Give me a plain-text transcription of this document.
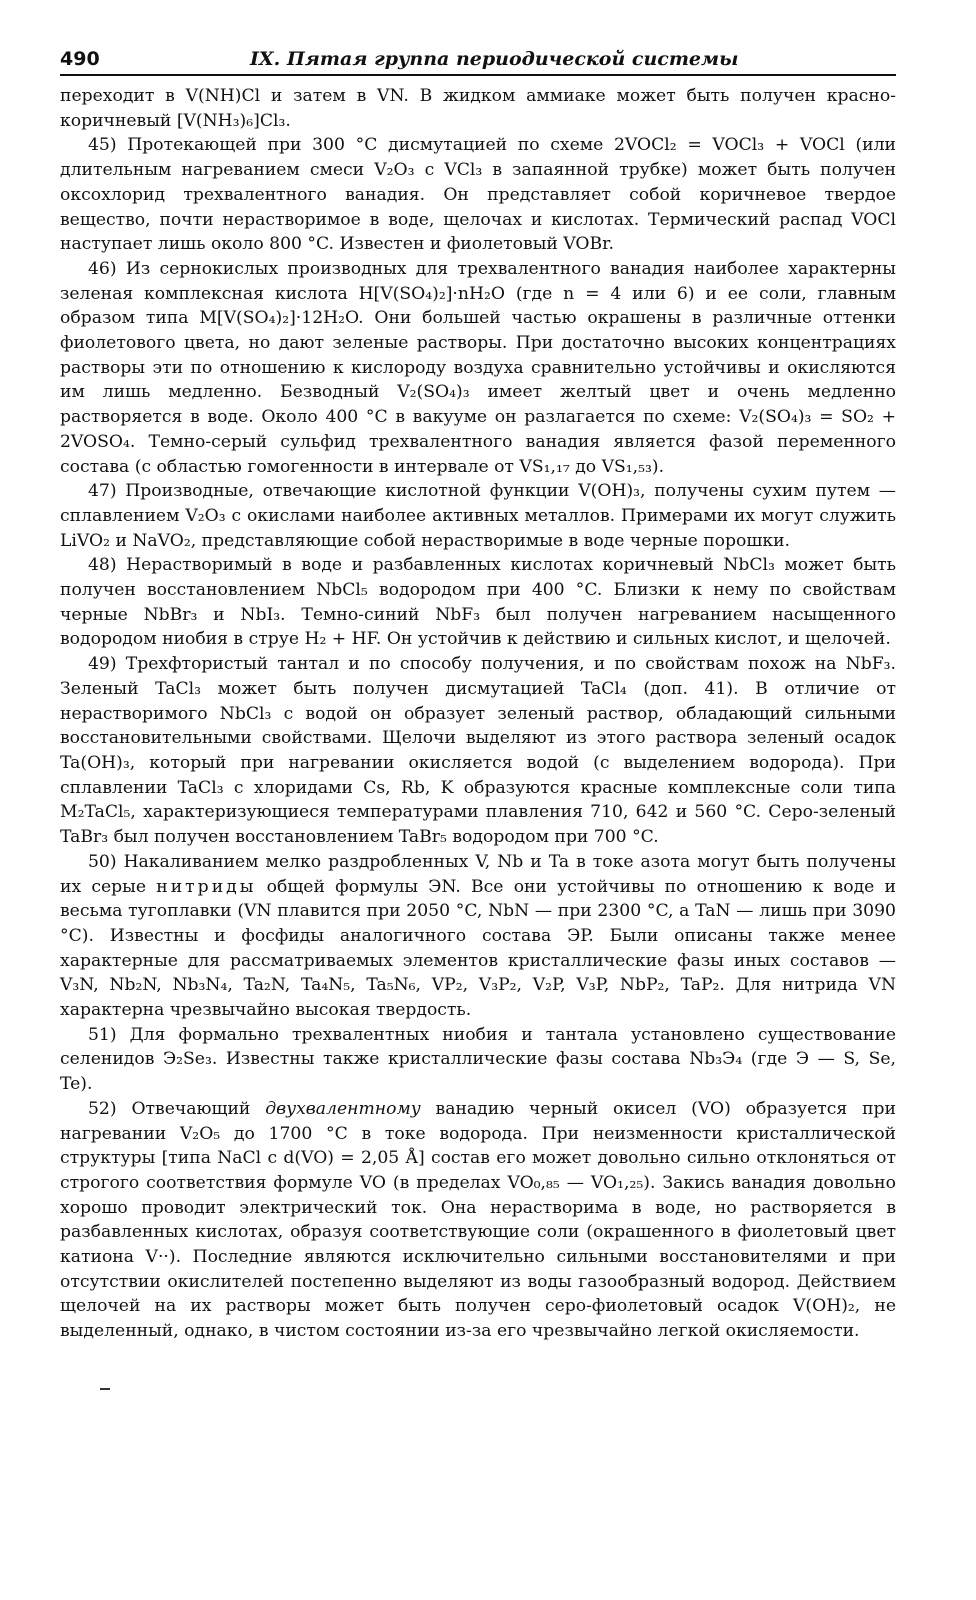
490	IX. Пятая группа периодической системы

переходит в V(NH)Cl и затем в VN. В жидком аммиаке может быть получен красно-коричневый [V(NH₃)₆]Cl₃.

45) Протекающей при 300 °C дисмутацией по схеме 2VOCl₂ = VOCl₃ + VOCl (или длительным нагреванием смеси V₂O₃ с VCl₃ в запаянной трубке) может быть получен оксохлорид трехвалентного ванадия. Он представляет собой коричневое твердое вещество, почти нерастворимое в воде, щелочах и кислотах. Термический распад VOCl наступает лишь около 800 °C. Известен и фиолетовый VOBr.

46) Из сернокислых производных для трехвалентного ванадия наиболее характерны зеленая комплексная кислота H[V(SO₄)₂]·nH₂O (где n = 4 или 6) и ее соли, главным образом типа M[V(SO₄)₂]·12H₂O. Они большей частью окрашены в различные оттенки фиолетового цвета, но дают зеленые растворы. При достаточно высоких концентрациях растворы эти по отношению к кислороду воздуха сравнительно устойчивы и окисляются им лишь медленно. Безводный V₂(SO₄)₃ имеет желтый цвет и очень медленно растворяется в воде. Около 400 °C в вакууме он разлагается по схеме: V₂(SO₄)₃ = SO₂ + 2VOSO₄. Темно-серый сульфид трехвалентного ванадия является фазой переменного состава (с областью гомогенности в интервале от VS₁,₁₇ до VS₁,₅₃).

47) Производные, отвечающие кислотной функции V(OH)₃, получены сухим путем — сплавлением V₂O₃ с окислами наиболее активных металлов. Примерами их могут служить LiVO₂ и NaVO₂, представляющие собой нерастворимые в воде черные порошки.

48) Нерастворимый в воде и разбавленных кислотах коричневый NbCl₃ может быть получен восстановлением NbCl₅ водородом при 400 °C. Близки к нему по свойствам черные NbBr₃ и NbI₃. Темно-синий NbF₃ был получен нагреванием насыщенного водородом ниобия в струе H₂ + HF. Он устойчив к действию и сильных кислот, и щелочей.

49) Трехфтористый тантал и по способу получения, и по свойствам похож на NbF₃. Зеленый TaCl₃ может быть получен дисмутацией TaCl₄ (доп. 41). В отличие от нерастворимого NbCl₃ с водой он образует зеленый раствор, обладающий сильными восстановительными свойствами. Щелочи выделяют из этого раствора зеленый осадок Ta(OH)₃, который при нагревании окисляется водой (с выделением водорода). При сплавлении TaCl₃ с хлоридами Cs, Rb, K образуются красные комплексные соли типа M₂TaCl₅, характеризующиеся температурами плавления 710, 642 и 560 °C. Серо-зеленый TaBr₃ был получен восстановлением TaBr₅ водородом при 700 °C.

50) Накаливанием мелко раздробленных V, Nb и Ta в токе азота могут быть получены их серые нитриды общей формулы ЭN. Все они устойчивы по отношению к воде и весьма тугоплавки (VN плавится при 2050 °C, NbN — при 2300 °C, а TaN — лишь при 3090 °C). Известны и фосфиды аналогичного состава ЭP. Были описаны также менее характерные для рассматриваемых элементов кристаллические фазы иных составов — V₃N, Nb₂N, Nb₃N₄, Ta₂N, Ta₄N₅, Ta₅N₆, VP₂, V₃P₂, V₂P, V₃P, NbP₂, TaP₂. Для нитрида VN характерна чрезвычайно высокая твердость.

51) Для формально трехвалентных ниобия и тантала установлено существование селенидов Э₂Se₃. Известны также кристаллические фазы состава Nb₃Э₄ (где Э — S, Se, Te).

52) Отвечающий двухвалентному ванадию черный окисел (VO) образуется при нагревании V₂O₅ до 1700 °C в токе водорода. При неизменности кристаллической структуры [типа NaCl с d(VO) = 2,05 Å] состав его может довольно сильно отклоняться от строгого соответствия формуле VO (в пределах VO₀,₈₅ — VO₁,₂₅). Закись ванадия довольно хорошо проводит электрический ток. Она нерастворима в воде, но растворяется в разбавленных кислотах, образуя соответствующие соли (окрашенного в фиолетовый цвет катиона V··). Последние являются исключительно сильными восстановителями и при отсутствии окислителей постепенно выделяют из воды газообразный водород. Действием щелочей на их растворы может быть получен серо-фиолетовый осадок V(OH)₂, не выделенный, однако, в чистом состоянии из-за его чрезвычайно легкой окисляемости.
